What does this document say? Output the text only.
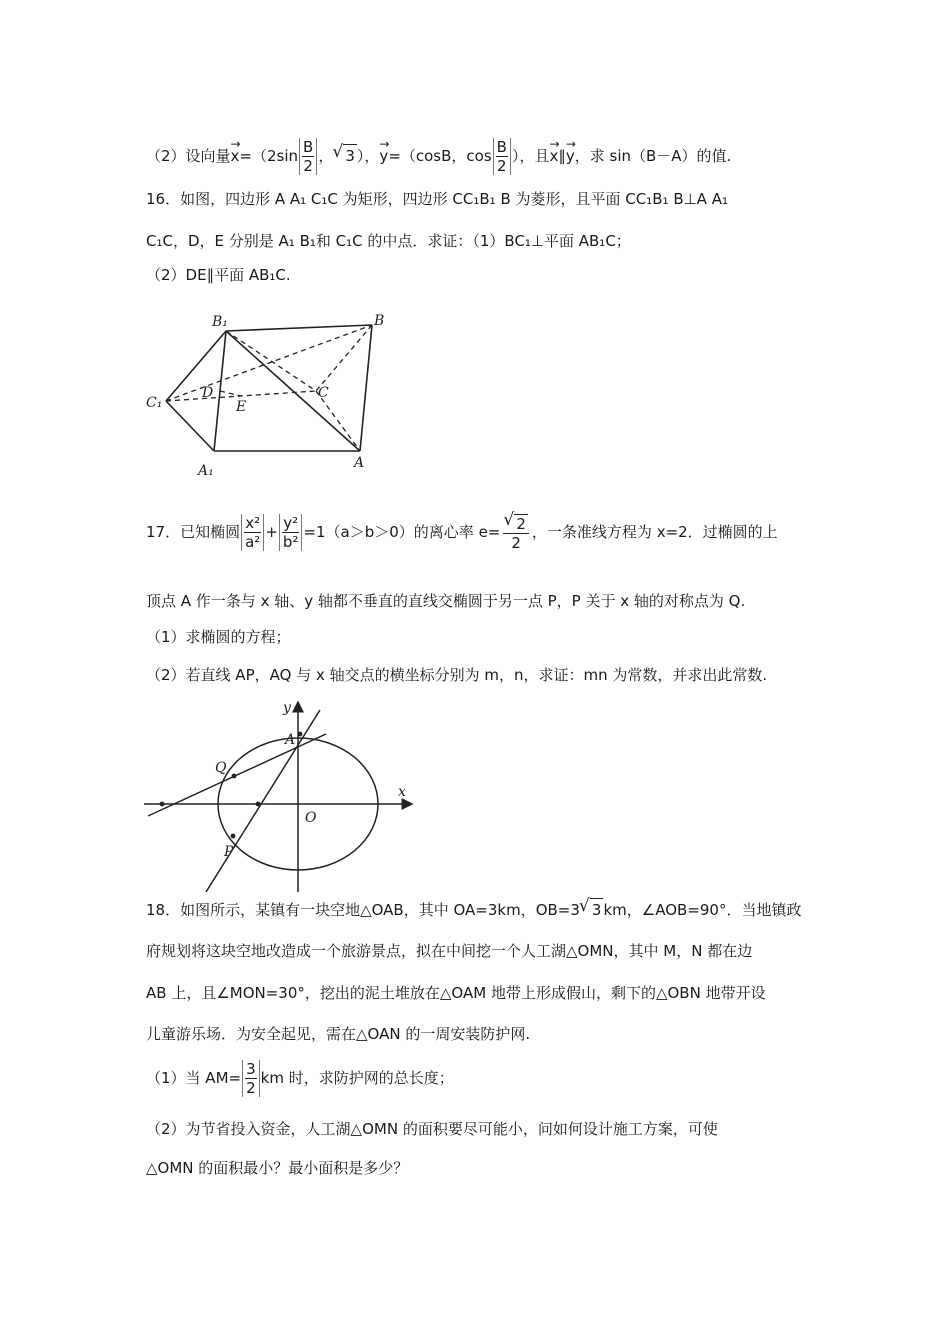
（2）设向量→ $x=(2\sin \frac{B}{2}$ ， √ 3 ），→ y=（cosB，$\cos \frac{B}{2}$ ），且→ x∥→ y，求 sin（B－A）的值.
16．如图，四边形 A A₁ C₁C 为矩形，四边形 CC₁B₁ B 为菱形，且平面 CC₁B₁ B⊥A A₁
C₁C，D，E 分别是 A₁ B₁和 C₁C 的中点．求证：（1）BC₁⊥平面 AB₁C；
（2）DE∥平面 AB₁C.
B₁	B
C₁
D	C
E
A₁	A
17．已知椭圆 $\frac{\text{x²}}{\text{a²}} + \frac{\text{y²}}{\text{b²}} =1(a>b>0)$的离心率 e= √ $\frac{2}{2}$ ，一条准线方程为 x=2．过椭圆的上
顶点 A 作一条与 x 轴、y 轴都不垂直的直线交椭圆于另一点 P，P 关于 x 轴的对称点为 Q.
（1）求椭圆的方程；
（2）若直线 AP，AQ 与 x 轴交点的横坐标分别为 m，n，求证：mn 为常数，并求出此常数.
y
x
A
Q
O
P
18．如图所示，某镇有一块空地△OAB，其中 OA=3km，OB=3 √ 3 km，∠AOB=90°．当地镇政
府规划将这块空地改造成一个旅游景点，拟在中间挖一个人工湖△OMN，其中 M，N 都在边
AB 上，且∠MON=30°，挖出的泥土堆放在△OAM 地带上形成假山，剩下的△OBN 地带开设
儿童游乐场．为安全起见，需在△OAN 的一周安装防护网.
（1）当 $AM= \frac{3}{2}$ km 时，求防护网的总长度；
（2）为节省投入资金，人工湖△OMN 的面积要尽可能小，问如何设计施工方案，可使
△OMN 的面积最小？最小面积是多少？
